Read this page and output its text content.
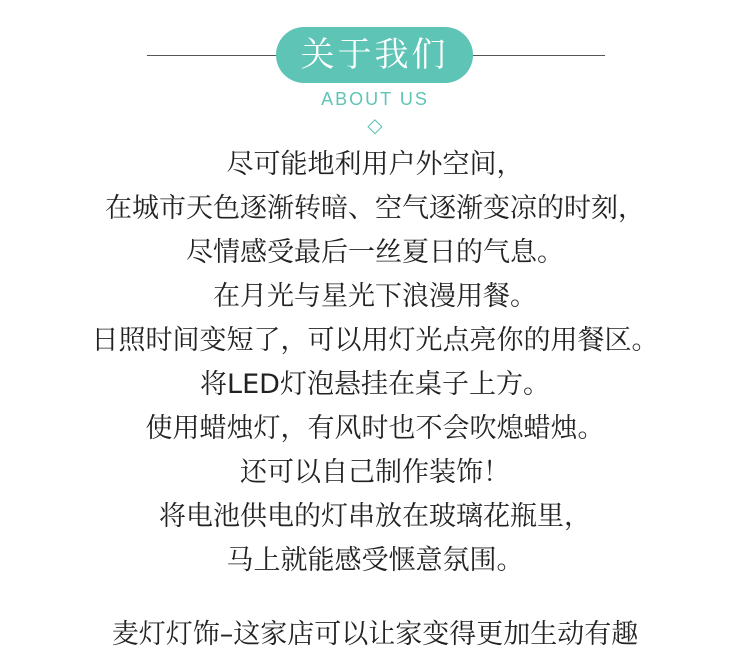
关于我们
ABOUT US
◇
尽可能地利用户外空间，
在城市天色逐渐转暗、空气逐渐变凉的时刻，
尽情感受最后一丝夏日的气息。
在月光与星光下浪漫用餐。
日照时间变短了，可以用灯光点亮你的用餐区。
将LED灯泡悬挂在桌子上方。
使用蜡烛灯，有风时也不会吹熄蜡烛。
还可以自己制作装饰！
将电池供电的灯串放在玻璃花瓶里，
马上就能感受惬意氛围。
麦灯灯饰–这家店可以让家变得更加生动有趣
